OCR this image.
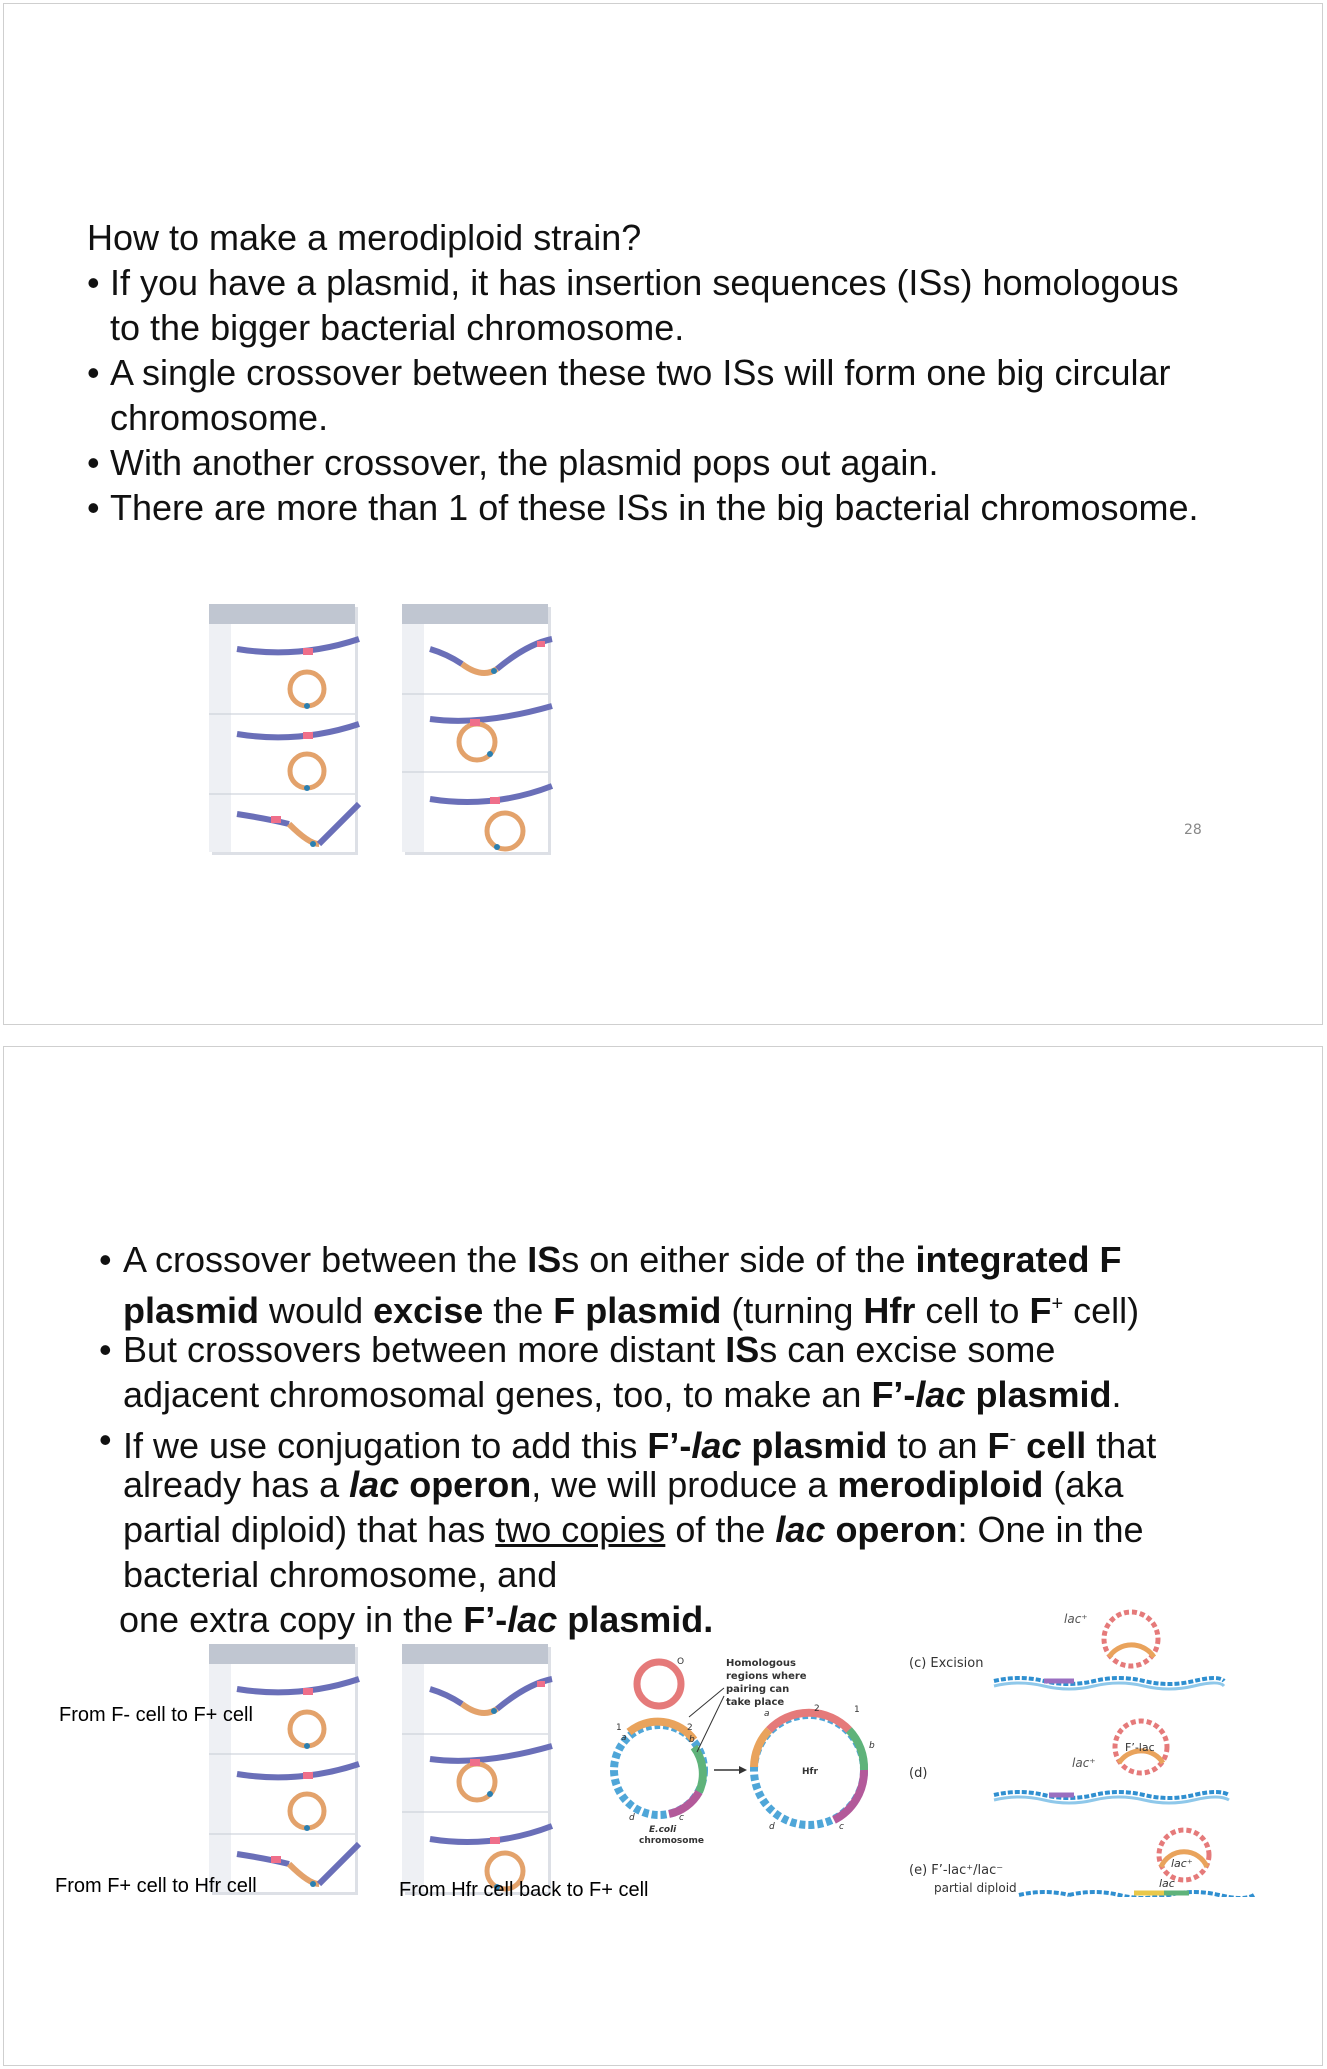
How to make a merodiploid strain?
• If you have a plasmid, it has insertion sequences (ISs) homologous
to the bigger bacterial chromosome.
• A single crossover between these two ISs will form one big circular
chromosome.
• With another crossover, the plasmid pops out again.
• There are more than 1 of these ISs in the big bacterial chromosome.
28
• A crossover between the ISs on either side of the integrated F
plasmid would excise the F plasmid (turning Hfr cell to F+ cell)
• But crossovers between more distant ISs can excise some
adjacent chromosomal genes, too, to make an F’-lac plasmid.
• If we use conjugation to add this F’-lac plasmid to an F- cell that
already has a lac operon, we will produce a merodiploid (aka
partial diploid) that has two copies of the lac operon: One in the
bacterial chromosome, and
one extra copy in the F’-lac plasmid.
From F- cell to F+ cell
From F+ cell to Hfr cell	From Hfr cell back to F+ cell
O
1	2
a	b
d	c
E.coli
chromosome
Homologous
regions where
pairing can
take place
Hfr
2	1
a
b
d	c
(c) Excision
lac⁺
(d)
lac⁺
F’-lac
(e) F’-lac⁺/lac⁻
partial diploid
lac⁺
lac
